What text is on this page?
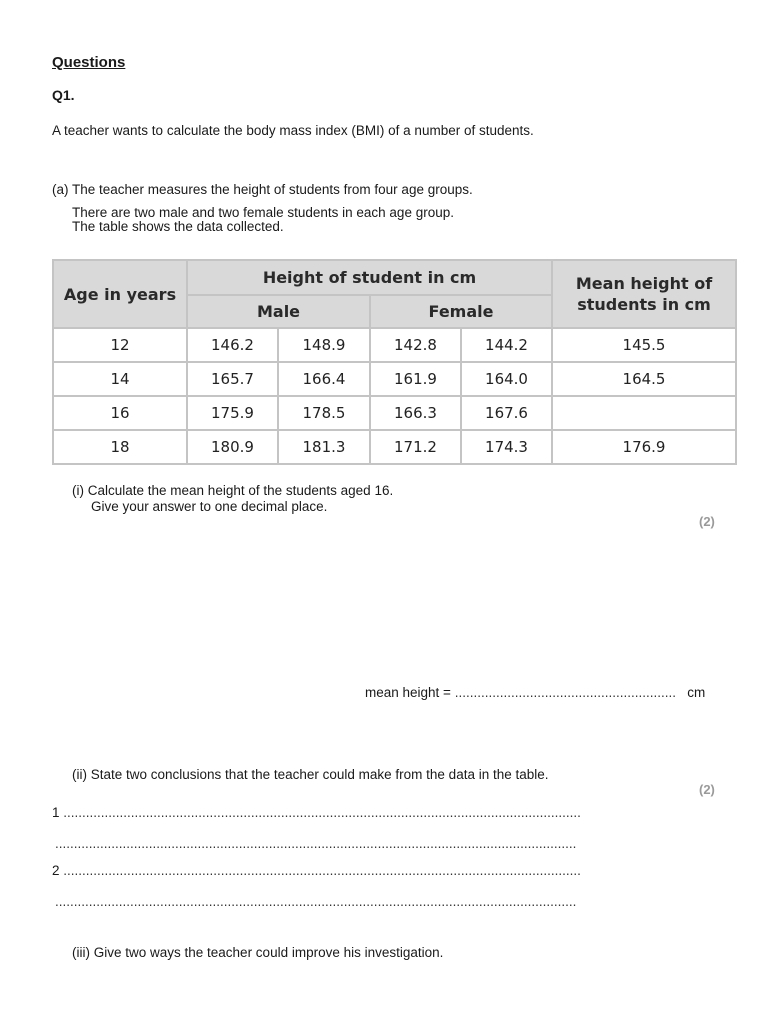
Questions
Q1.
A teacher wants to calculate the body mass index (BMI) of a number of students.
(a) The teacher measures the height of students from four age groups.
There are two male and two female students in each age group.
The table shows the data collected.
Age in years	Height of student in cm				Mean height of
students in cm
	Male		Female		
12	146.2	148.9	142.8	144.2	145.5
14	165.7	166.4	161.9	164.0	164.5
16	175.9	178.5	166.3	167.6	
18	180.9	181.3	171.2	174.3	176.9
(i) Calculate the mean height of the students aged 16.
Give your answer to one decimal place.
(2)
mean height = ........................................................... cm
(ii) State two conclusions that the teacher could make from the data in the table.
(2)
1 ..........................................................................................................................................
...........................................................................................................................................
2 ..........................................................................................................................................
...........................................................................................................................................
(iii) Give two ways the teacher could improve his investigation.
